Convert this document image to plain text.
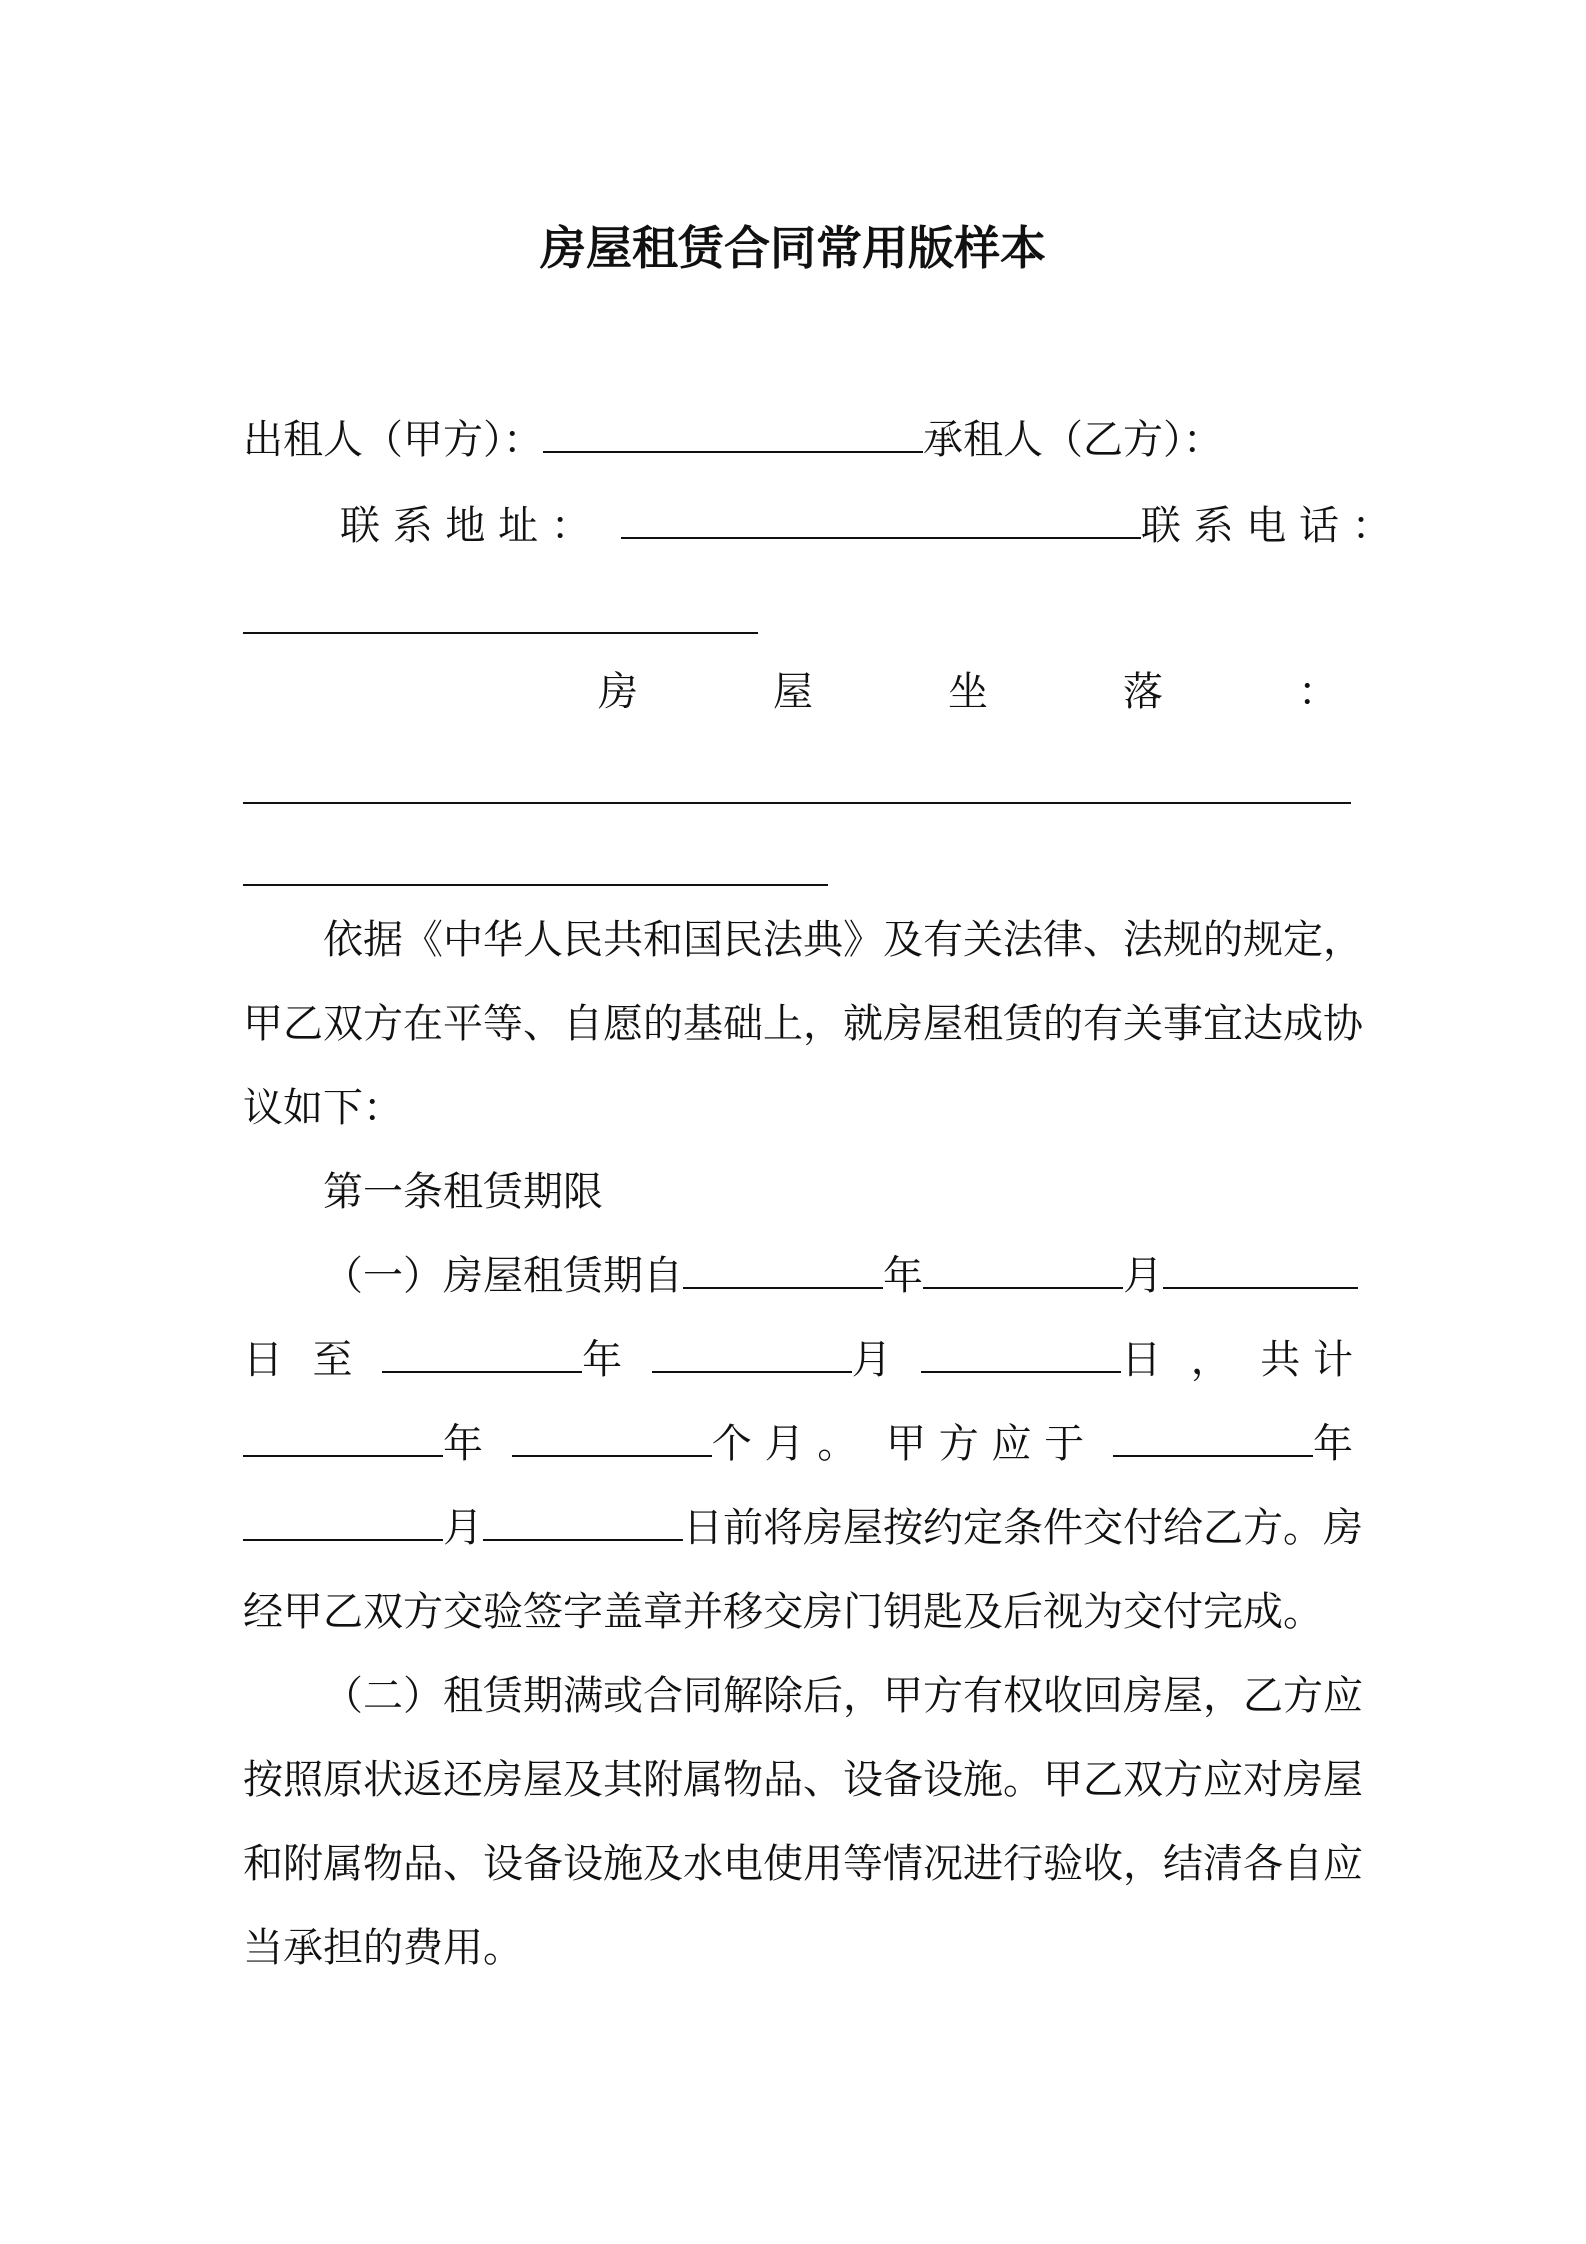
房屋租赁合同常用版样本
出租人（甲方）：	承租人（乙方）：
联 系 地 址 ：	联 系 电 话 ：
房	屋	坐	落	：
依据《中华人民共和国民法典》及有关法律、法规的规定，
甲乙双方在平等、自愿的基础上，就房屋租赁的有关事宜达成协
议如下：
第一条租赁期限
（一）房屋租赁期自	年	月
日 至	年	月	日 ， 共 计
年	个 月 。 甲 方 应 于	年
月	日前将房屋按约定条件交付给乙方。房
经甲乙双方交验签字盖章并移交房门钥匙及后视为交付完成。
（二）租赁期满或合同解除后，甲方有权收回房屋，乙方应
按照原状返还房屋及其附属物品、设备设施。甲乙双方应对房屋
和附属物品、设备设施及水电使用等情况进行验收，结清各自应
当承担的费用。
